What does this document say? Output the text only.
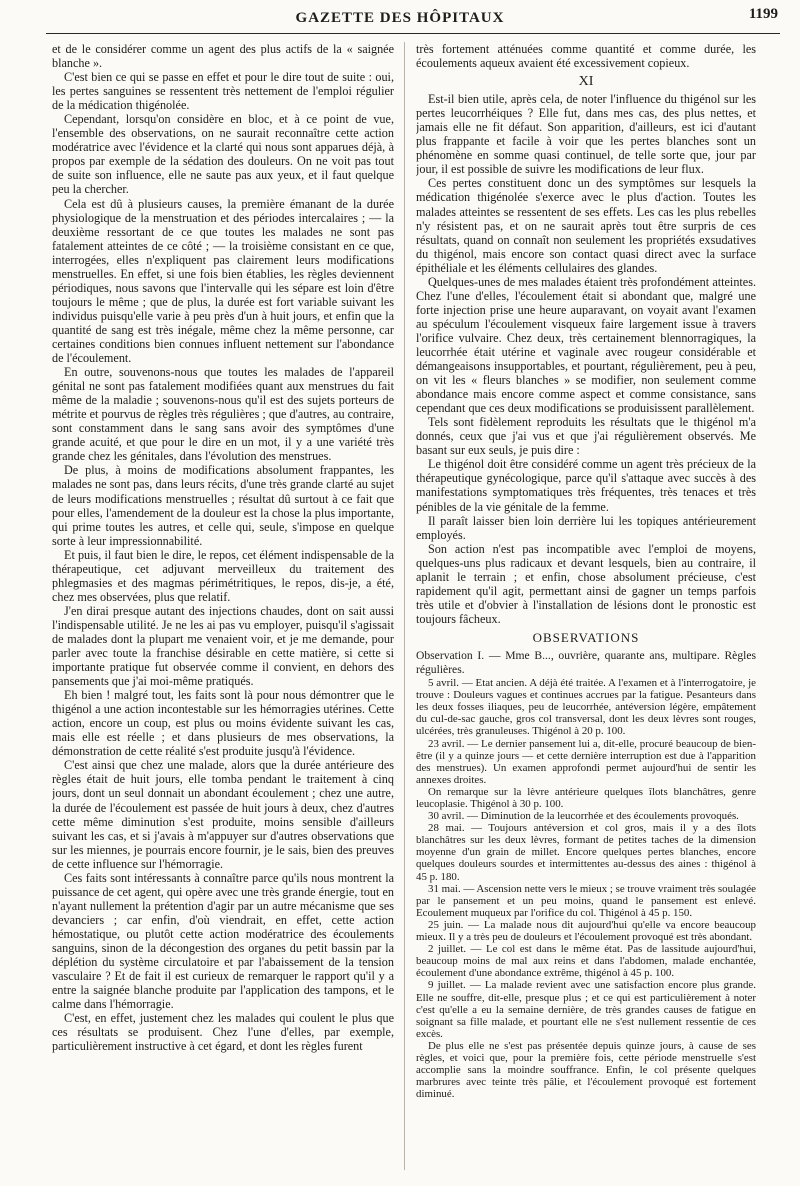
GAZETTE DES HÔPITAUX	1199

et de le considérer comme un agent des plus actifs de la « saignée blanche ».

C'est bien ce qui se passe en effet et pour le dire tout de suite : oui, les pertes sanguines se ressentent très nettement de l'emploi régulier de la médication thigénolée.

Cependant, lorsqu'on considère en bloc, et à ce point de vue, l'ensemble des observations, on ne saurait reconnaître cette action modératrice avec l'évidence et la clarté qui nous sont apparues déjà, à propos par exemple de la sédation des douleurs. On ne voit pas tout de suite son influence, elle ne saute pas aux yeux, et il faut quelque peu la chercher.

Cela est dû à plusieurs causes, la première émanant de la durée physiologique de la menstruation et des périodes intercalaires ; — la deuxième ressortant de ce que toutes les malades ne sont pas fatalement atteintes de ce côté ; — la troisième consistant en ce que, interrogées, elles n'expliquent pas clairement leurs modifications menstruelles. En effet, si une fois bien établies, les règles deviennent périodiques, nous savons que l'intervalle qui les sépare est loin d'être toujours le même ; que de plus, la durée est fort variable suivant les individus puisqu'elle varie à peu près d'un à huit jours, et enfin que la quantité de sang est très inégale, même chez la même personne, car certaines conditions bien connues influent nettement sur l'abondance de l'écoulement.

En outre, souvenons-nous que toutes les malades de l'appareil génital ne sont pas fatalement modifiées quant aux menstrues du fait même de la maladie ; souvenons-nous qu'il est des sujets porteurs de métrite et pourvus de règles très régulières ; que d'autres, au contraire, sont constamment dans le sang sans avoir des symptômes d'une grande acuité, et que pour le dire en un mot, il y a une variété très grande chez les génitales, dans l'évolution des menstrues.

De plus, à moins de modifications absolument frappantes, les malades ne sont pas, dans leurs récits, d'une très grande clarté au sujet de leurs modifications menstruelles ; résultat dû surtout à ce fait que pour elles, l'amendement de la douleur est la chose la plus importante, qui prime toutes les autres, et celle qui, seule, s'impose en quelque sorte à leur impressionnabilité.

Et puis, il faut bien le dire, le repos, cet élément indispensable de la thérapeutique, cet adjuvant merveilleux du traitement des phlegmasies et des magmas périmétritiques, le repos, dis-je, a été, chez mes observées, plus que relatif.

J'en dirai presque autant des injections chaudes, dont on sait aussi l'indispensable utilité. Je ne les ai pas vu employer, puisqu'il s'agissait de malades dont la plupart me venaient voir, et je me demande, pour parler avec toute la franchise désirable en cette matière, si cette si importante pratique fut observée comme il convient, en dehors des pansements que j'ai moi-même pratiqués.

Eh bien ! malgré tout, les faits sont là pour nous démontrer que le thigénol a une action incontestable sur les hémorragies utérines. Cette action, encore un coup, est plus ou moins évidente suivant les cas, mais elle est réelle ; et dans plusieurs de mes observations, la démonstration de cette réalité s'est produite jusqu'à l'évidence.

C'est ainsi que chez une malade, alors que la durée antérieure des règles était de huit jours, elle tomba pendant le traitement à cinq jours, dont un seul donnait un abondant écoulement ; chez une autre, la durée de l'écoulement est passée de huit jours à deux, chez d'autres cette même diminution s'est produite, moins sensible d'ailleurs suivant les cas, et si j'avais à m'appuyer sur d'autres observations que sur les miennes, je pourrais encore fournir, je le sais, bien des preuves de cette influence sur l'hémorragie.

Ces faits sont intéressants à connaître parce qu'ils nous montrent la puissance de cet agent, qui opère avec une très grande énergie, tout en n'ayant nullement la prétention d'agir par un autre mécanisme que ses devanciers ; car enfin, d'où viendrait, en effet, cette action hémostatique, ou plutôt cette action modératrice des écoulements sanguins, sinon de la décongestion des organes du petit bassin par la déplétion du système circulatoire et par l'abaissement de la tension vasculaire ? Et de fait il est curieux de remarquer le rapport qu'il y a entre la saignée blanche produite par l'application des tampons, et le calme dans l'hémorragie.

C'est, en effet, justement chez les malades qui coulent le plus que ces résultats se produisent. Chez l'une d'elles, par exemple, particulièrement instructive à cet égard, et dont les règles furent

très fortement atténuées comme quantité et comme durée, les écoulements aqueux avaient été excessivement copieux.

XI

Est-il bien utile, après cela, de noter l'influence du thigénol sur les pertes leucorrhéiques ? Elle fut, dans mes cas, des plus nettes, et jamais elle ne fit défaut. Son apparition, d'ailleurs, est ici d'autant plus frappante et facile à voir que les pertes blanches sont un phénomène en somme quasi continuel, de telle sorte que, jour par jour, il est possible de suivre les modifications de leur flux.

Ces pertes constituent donc un des symptômes sur lesquels la médication thigénolée s'exerce avec le plus d'action. Toutes les malades atteintes se ressentent de ses effets. Les cas les plus rebelles n'y résistent pas, et on ne saurait après tout être surpris de ces résultats, quand on connaît non seulement les propriétés exsudatives du thigénol, mais encore son contact quasi direct avec la surface épithéliale et les éléments cellulaires des glandes.

Quelques-unes de mes malades étaient très profondément atteintes. Chez l'une d'elles, l'écoulement était si abondant que, malgré une forte injection prise une heure auparavant, on voyait avant l'examen au spéculum l'écoulement visqueux faire largement issue à travers l'orifice vulvaire. Chez deux, très certainement blennorragiques, la leucorrhée était utérine et vaginale avec rougeur considérable et démangeaisons insupportables, et pourtant, régulièrement, peu à peu, on vit les « fleurs blanches » se modifier, non seulement comme abondance mais encore comme aspect et comme consistance, sans cependant que ces deux modifications se produisissent parallèlement.

Tels sont fidèlement reproduits les résultats que le thigénol m'a donnés, ceux que j'ai vus et que j'ai régulièrement observés. Me basant sur eux seuls, je puis dire :

Le thigénol doit être considéré comme un agent très précieux de la thérapeutique gynécologique, parce qu'il s'attaque avec succès à des manifestations symptomatiques très fréquentes, très tenaces et très pénibles de la vie génitale de la femme.

Il paraît laisser bien loin derrière lui les topiques antérieurement employés.

Son action n'est pas incompatible avec l'emploi de moyens, quelques-uns plus radicaux et devant lesquels, bien au contraire, il aplanit le terrain ; et enfin, chose absolument précieuse, c'est rapidement qu'il agit, permettant ainsi de gagner un temps parfois très utile et d'obvier à l'installation de lésions dont le pronostic est toujours fâcheux.

OBSERVATIONS

Observation I. — Mme B..., ouvrière, quarante ans, multipare. Règles régulières.

5 avril. — Etat ancien. A déjà été traitée. A l'examen et à l'interrogatoire, je trouve : Douleurs vagues et continues accrues par la fatigue. Pesanteurs dans les deux fosses iliaques, peu de leucorrhée, antéversion légère, empâtement du cul-de-sac gauche, gros col transversal, dont les deux lèvres sont rouges, ulcérées, très granuleuses. Thigénol à 20 p. 100.

23 avril. — Le dernier pansement lui a, dit-elle, procuré beaucoup de bien-être (il y a quinze jours — et cette dernière interruption est due à l'apparition des menstrues). Un examen approfondi permet aujourd'hui de sentir les annexes droites.

On remarque sur la lèvre antérieure quelques îlots blanchâtres, genre leucoplasie. Thigénol à 30 p. 100.

30 avril. — Diminution de la leucorrhée et des écoulements provoqués.

28 mai. — Toujours antéversion et col gros, mais il y a des îlots blanchâtres sur les deux lèvres, formant de petites taches de la dimension moyenne d'un grain de millet. Encore quelques pertes blanches, encore quelques douleurs sourdes et intermittentes au-dessus des aines : thigénol à 45 p. 180.

31 mai. — Ascension nette vers le mieux ; se trouve vraiment très soulagée par le pansement et un peu moins, quand le pansement est enlevé. Ecoulement muqueux par l'orifice du col. Thigénol à 45 p. 150.

25 juin. — La malade nous dit aujourd'hui qu'elle va encore beaucoup mieux. Il y a très peu de douleurs et l'écoulement provoqué est très abondant.

2 juillet. — Le col est dans le même état. Pas de lassitude aujourd'hui, beaucoup moins de mal aux reins et dans l'abdomen, malade enchantée, écoulement d'une abondance extrême, thigénol à 45 p. 100.

9 juillet. — La malade revient avec une satisfaction encore plus grande. Elle ne souffre, dit-elle, presque plus ; et ce qui est particulièrement à noter c'est qu'elle a eu la semaine dernière, de très grandes causes de fatigue en soignant sa fille malade, et pourtant elle ne s'est nullement ressentie de ces excès.

De plus elle ne s'est pas présentée depuis quinze jours, à cause de ses règles, et voici que, pour la première fois, cette période menstruelle s'est accomplie sans la moindre souffrance. Enfin, le col présente quelques marbrures avec teinte très pâlie, et l'écoulement provoqué est fortement diminué.
